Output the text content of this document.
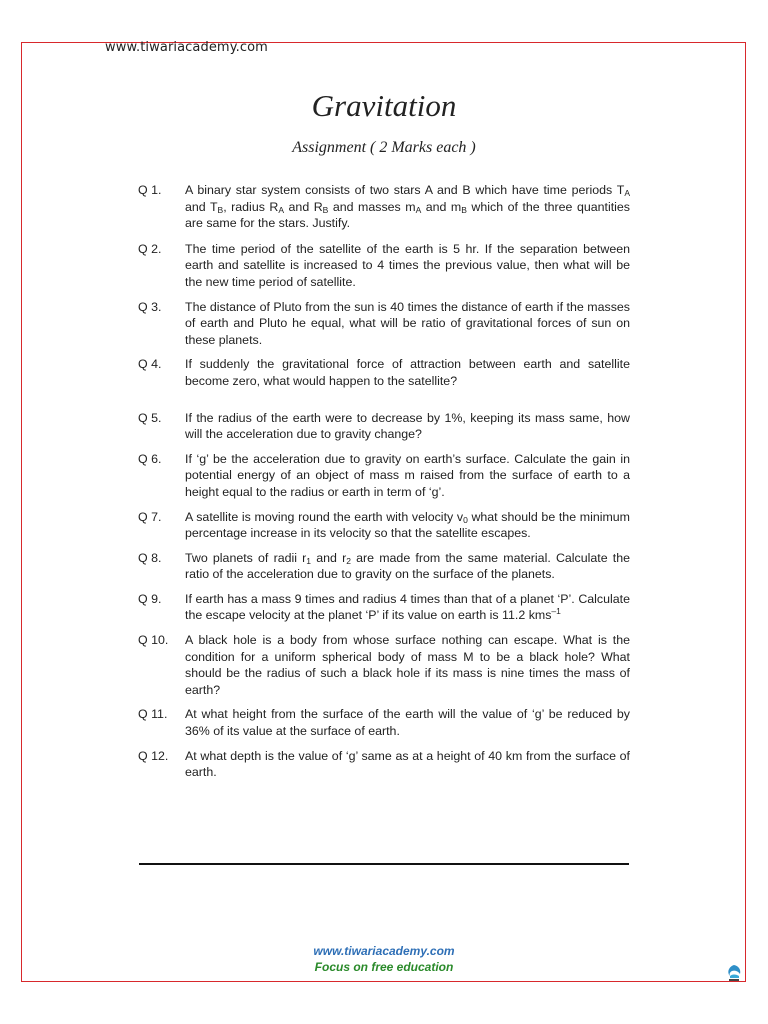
www.tiwariacademy.com
Gravitation
Assignment ( 2 Marks each )
Q 1.	A binary star system consists of two stars A and B which have time periods $T_A$ and $T_B$, radius $R_A$ and $R_B$ and masses $m_A$ and $m_B$ which of the three quantities are same for the stars. Justify.
Q 2.	The time period of the satellite of the earth is 5 hr. If the separation between earth and satellite is increased to 4 times the previous value, then what will be the new time period of satellite.
Q 3.	The distance of Pluto from the sun is 40 times the distance of earth if the masses of earth and Pluto he equal, what will be ratio of gravitational forces of sun on these planets.
Q 4.	If suddenly the gravitational force of attraction between earth and satellite become zero, what would happen to the satellite?
Q 5.	If the radius of the earth were to decrease by 1%, keeping its mass same, how will the acceleration due to gravity change?
Q 6.	If ‘g’ be the acceleration due to gravity on earth’s surface. Calculate the gain in potential energy of an object of mass m raised from the surface of earth to a height equal to the radius or earth in term of ‘g’.
Q 7.	A satellite is moving round the earth with velocity $v_0$ what should be the minimum percentage increase in its velocity so that the satellite escapes.
Q 8.	Two planets of radii $r_1$ and $r_2$ are made from the same material. Calculate the ratio of the acceleration due to gravity on the surface of the planets.
Q 9.	If earth has a mass 9 times and radius 4 times than that of a planet ‘P’. Calculate the escape velocity at the planet ‘P’ if its value on earth is 11.2 kms$^{-1}$
Q 10.	A black hole is a body from whose surface nothing can escape. What is the condition for a uniform spherical body of mass M to be a black hole? What should be the radius of such a black hole if its mass is nine times the mass of earth?
Q 11.	At what height from the surface of the earth will the value of ‘g’ be reduced by 36% of its value at the surface of earth.
Q 12.	At what depth is the value of ‘g’ same as at a height of 40 km from the surface of earth.
www.tiwariacademy.com
Focus on free education
